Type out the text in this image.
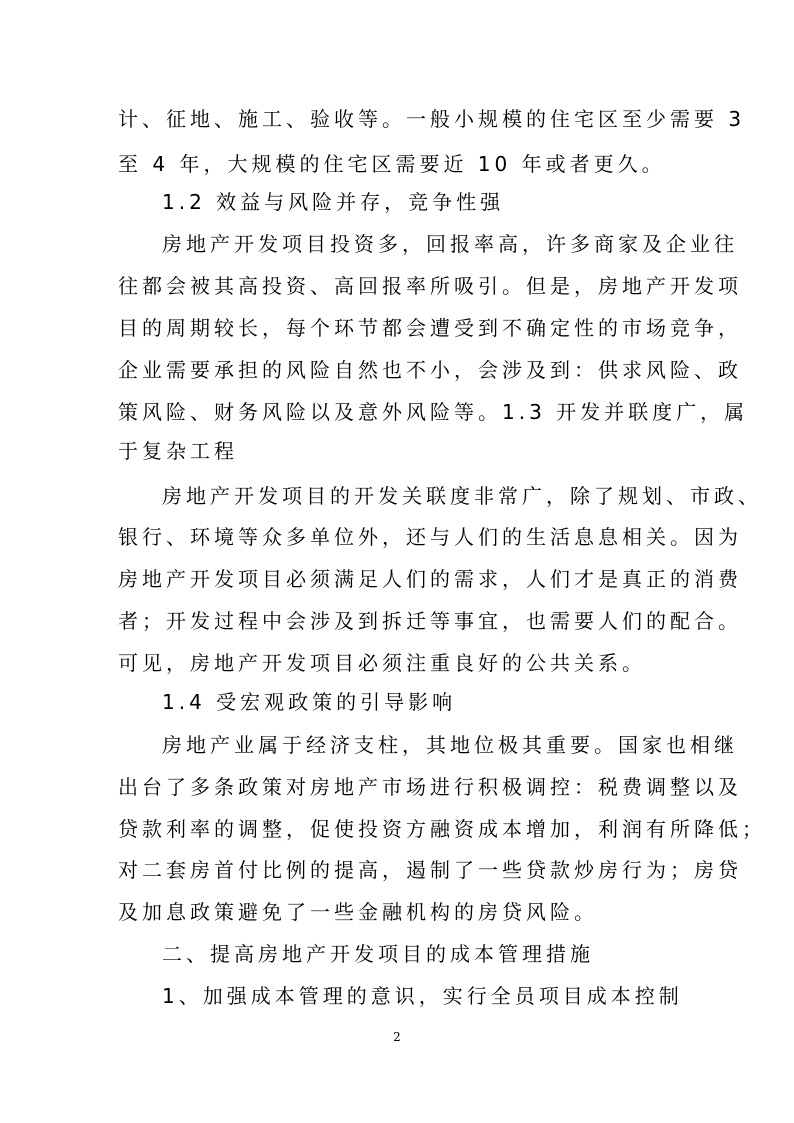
计、征地、施工、验收等。一般小规模的住宅区至少需要 3
至 4 年，大规模的住宅区需要近 10 年或者更久。
1.2 效益与风险并存，竞争性强
房地产开发项目投资多，回报率高，许多商家及企业往
往都会被其高投资、高回报率所吸引。但是，房地产开发项
目的周期较长，每个环节都会遭受到不确定性的市场竞争，
企业需要承担的风险自然也不小，会涉及到：供求风险、政
策风险、财务风险以及意外风险等。1.3 开发并联度广，属
于复杂工程
房地产开发项目的开发关联度非常广，除了规划、市政、
银行、环境等众多单位外，还与人们的生活息息相关。因为
房地产开发项目必须满足人们的需求，人们才是真正的消费
者；开发过程中会涉及到拆迁等事宜，也需要人们的配合。
可见，房地产开发项目必须注重良好的公共关系。
1.4 受宏观政策的引导影响
房地产业属于经济支柱，其地位极其重要。国家也相继
出台了多条政策对房地产市场进行积极调控：税费调整以及
贷款利率的调整，促使投资方融资成本增加，利润有所降低；
对二套房首付比例的提高，遏制了一些贷款炒房行为；房贷
及加息政策避免了一些金融机构的房贷风险。
二、提高房地产开发项目的成本管理措施
1、加强成本管理的意识，实行全员项目成本控制
2
